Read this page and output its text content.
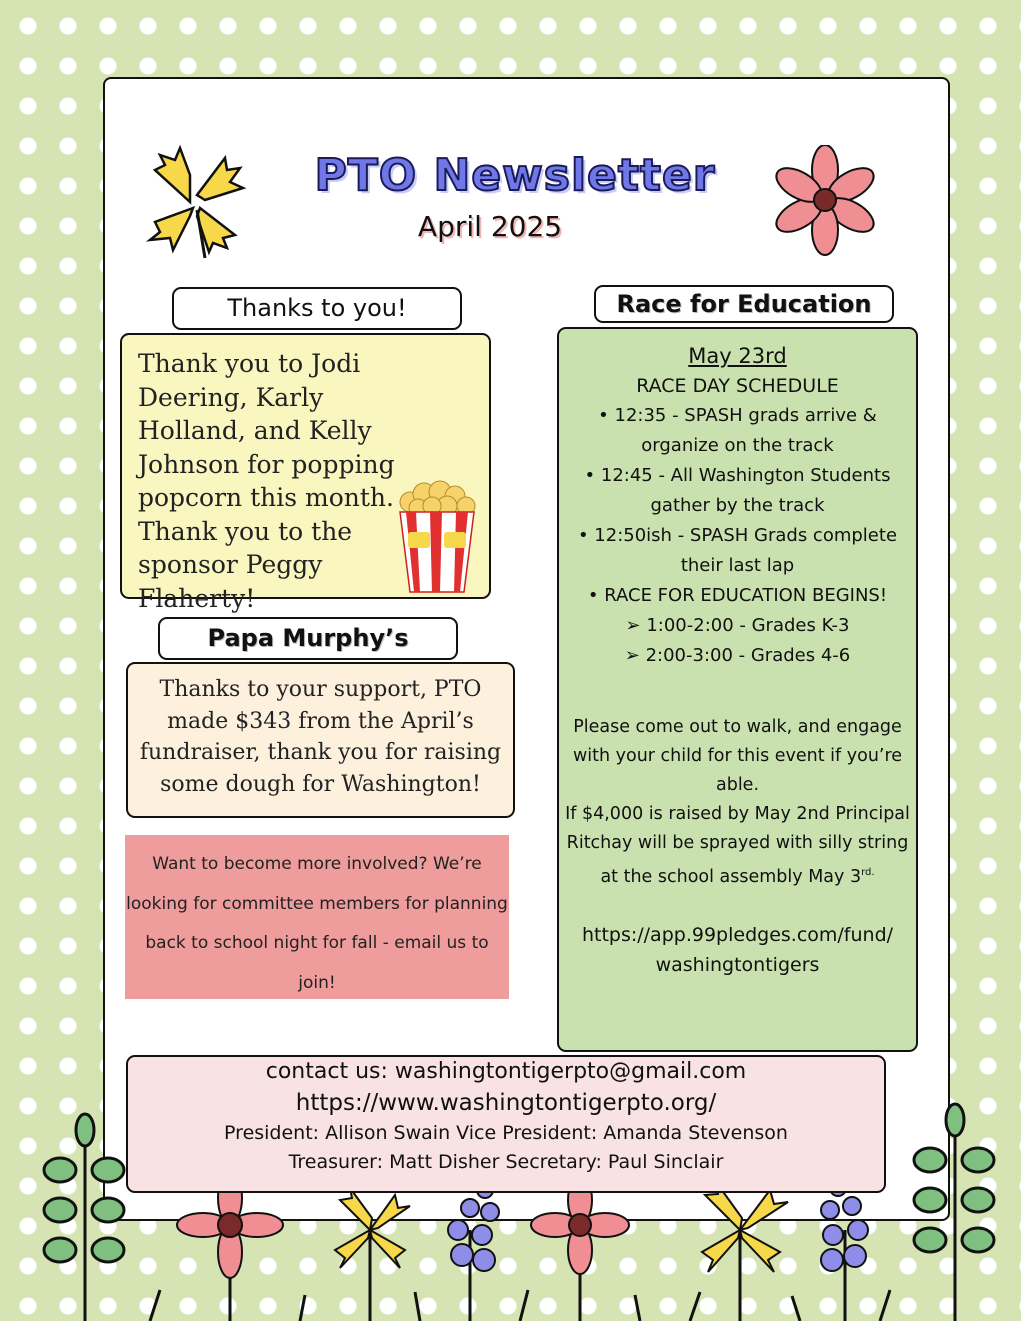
PTO Newsletter
April 2025
Thanks to you!

Thank you to Jodi Deering, Karly Holland, and Kelly Johnson for popping popcorn this month. Thank you to the sponsor Peggy Flaherty!

Papa Murphy’s

Thanks to your support, PTO made $343 from the April’s fundraiser, thank you for raising some dough for Washington!

Want to become more involved? We’re looking for committee members for planning back to school night for fall - email us to join!

Race for Education
May 23rd
RACE DAY SCHEDULE
• 12:35 - SPASH grads arrive & organize on the track
• 12:45 - All Washington Students gather by the track
• 12:50ish - SPASH Grads complete their last lap
• RACE FOR EDUCATION BEGINS!
➢ 1:00-2:00 - Grades K-3
➢ 2:00-3:00 - Grades 4-6
Please come out to walk, and engage with your child for this event if you’re able.
If $4,000 is raised by May 2nd Principal Ritchay will be sprayed with silly string at the school assembly May $3^{rd.}$
https://app.99pledges.com/fund/ washingtontigers
contact us: washingtontigerpto@gmail.com
https://www.washingtontigerpto.org/
President: Allison Swain Vice President: Amanda Stevenson
Treasurer: Matt Disher Secretary: Paul Sinclair
